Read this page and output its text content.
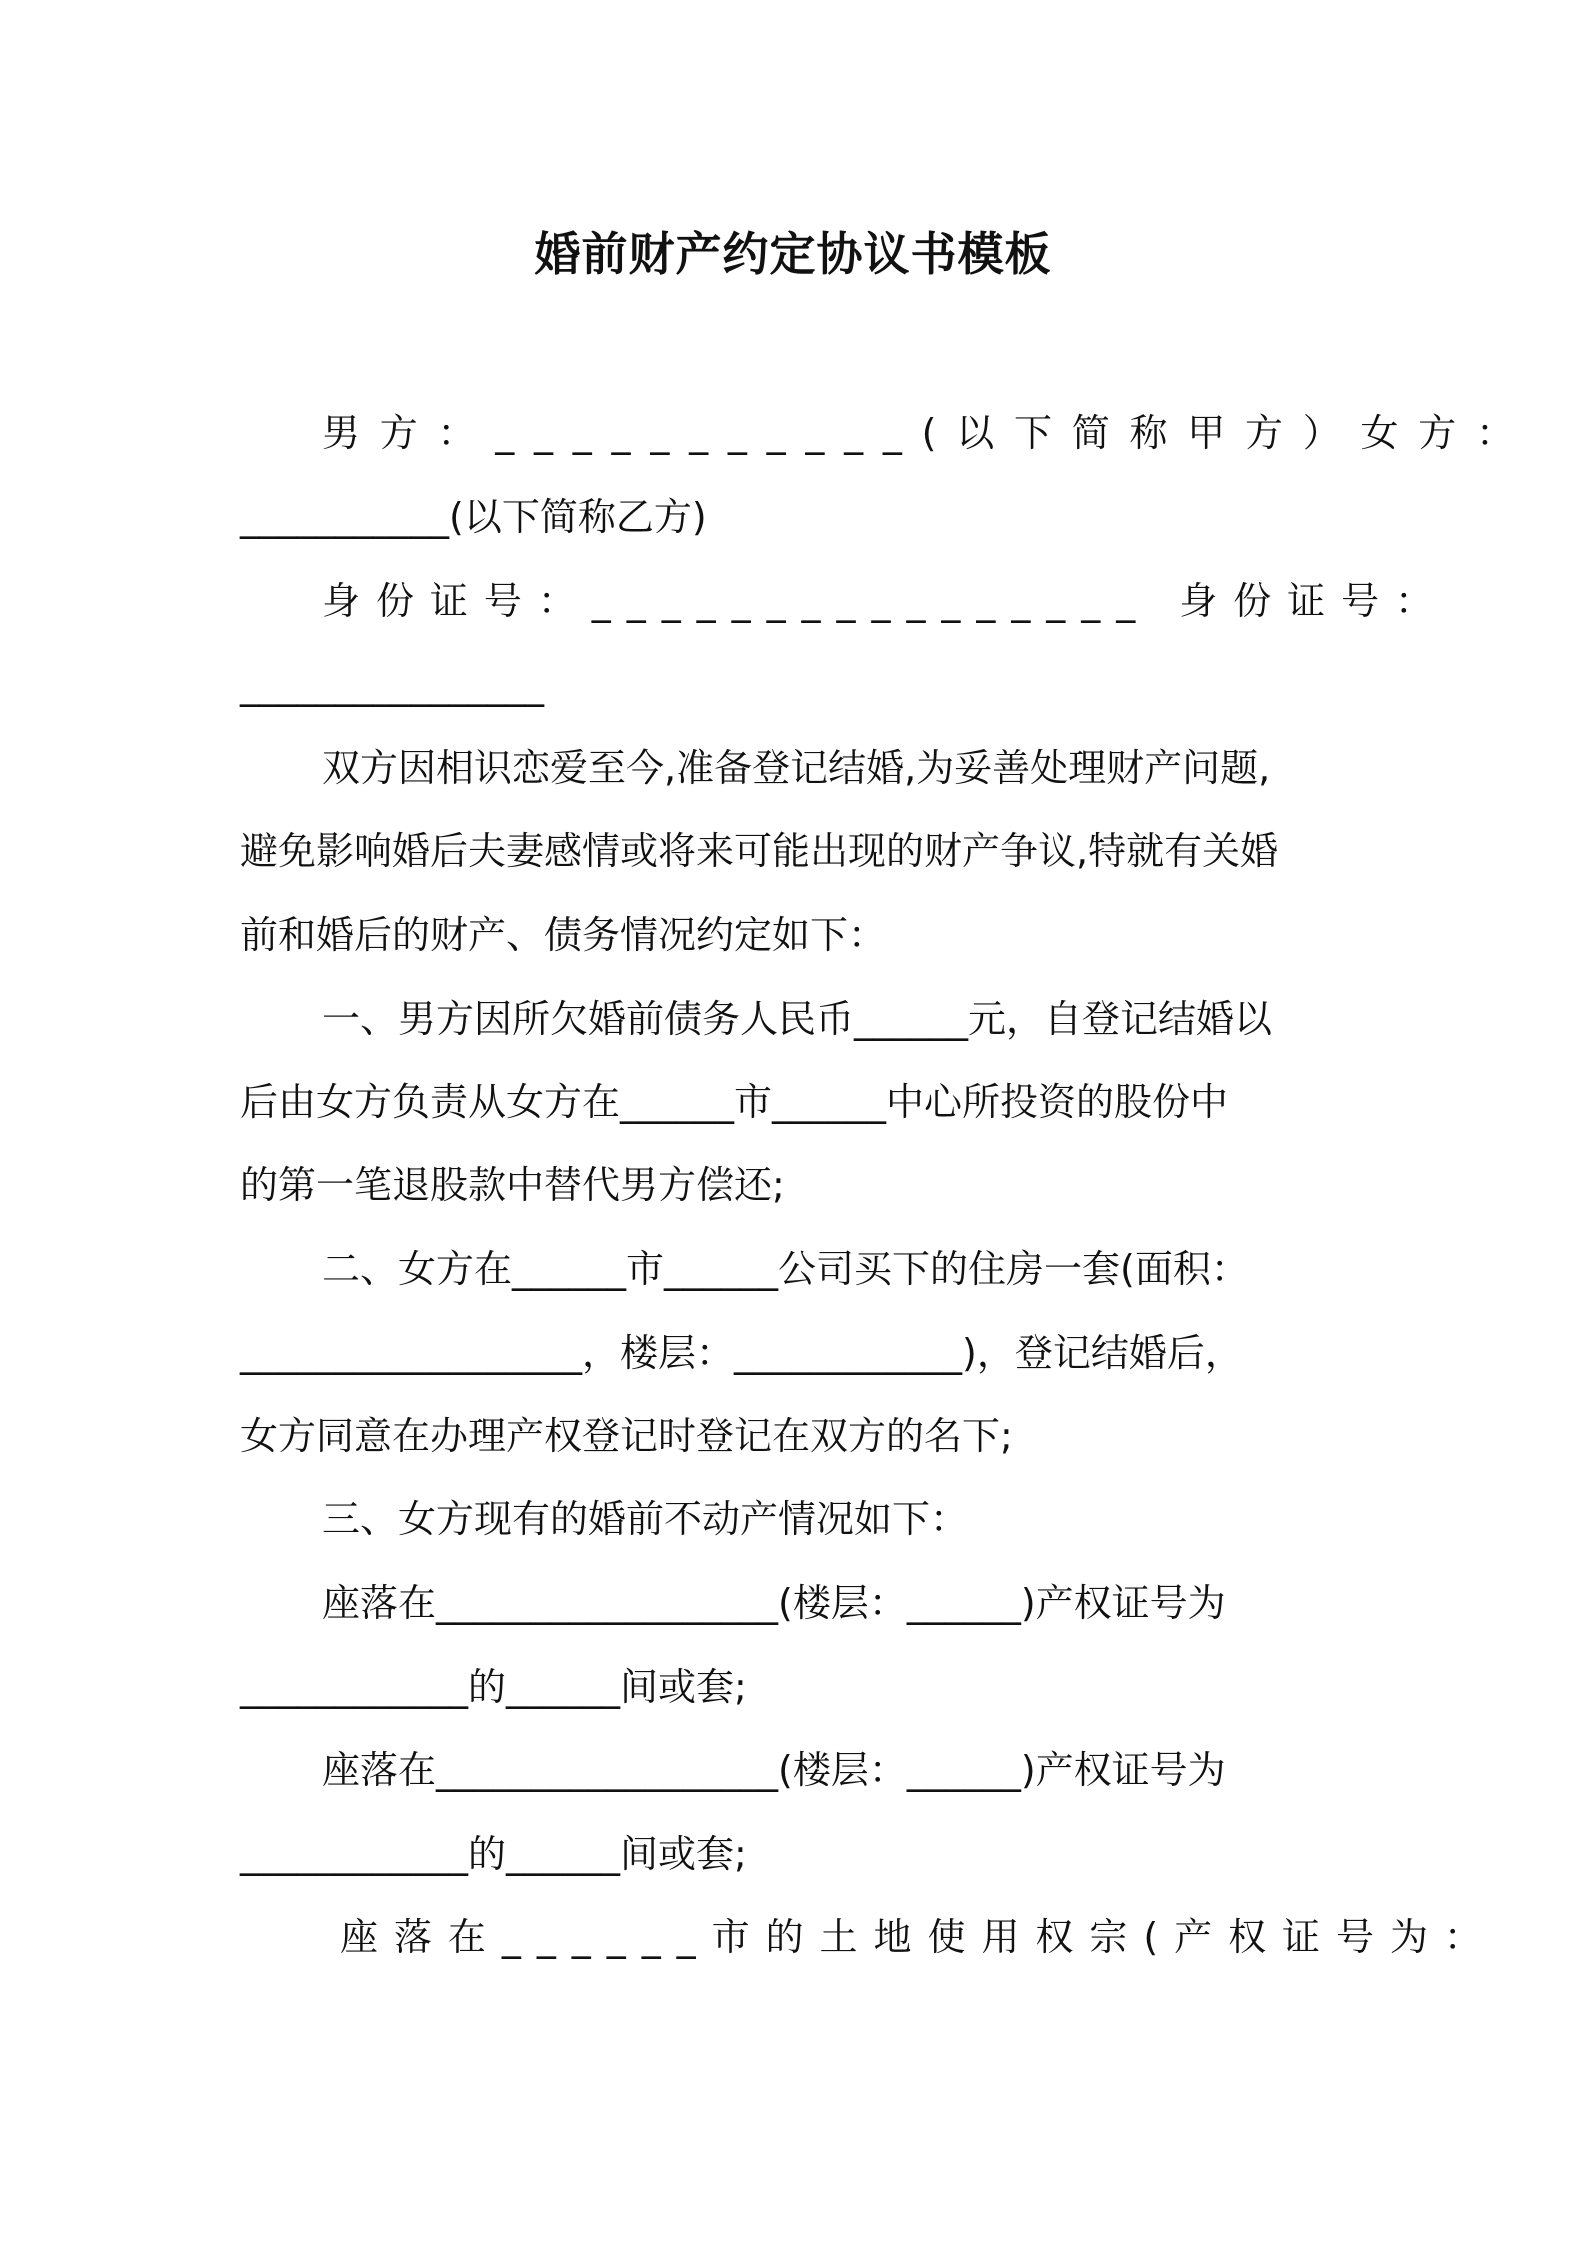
婚前财产约定协议书模板
男方：___________(以下简称甲方）女方：
___________(以下简称乙方)
身份证号：________________ 身份证号：
________________
双方因相识恋爱至今,准备登记结婚,为妥善处理财产问题,
避免影响婚后夫妻感情或将来可能出现的财产争议,特就有关婚
前和婚后的财产、债务情况约定如下：
一、男方因所欠婚前债务人民币______元，自登记结婚以
后由女方负责从女方在______市______中心所投资的股份中
的第一笔退股款中替代男方偿还;
二、女方在______市______公司买下的住房一套(面积：
__________________，楼层：____________)，登记结婚后，
女方同意在办理产权登记时登记在双方的名下;
三、女方现有的婚前不动产情况如下：
座落在__________________(楼层：______)产权证号为
____________的______间或套;
座落在__________________(楼层：______)产权证号为
____________的______间或套;
座落在______市的土地使用权宗(产权证号为：
